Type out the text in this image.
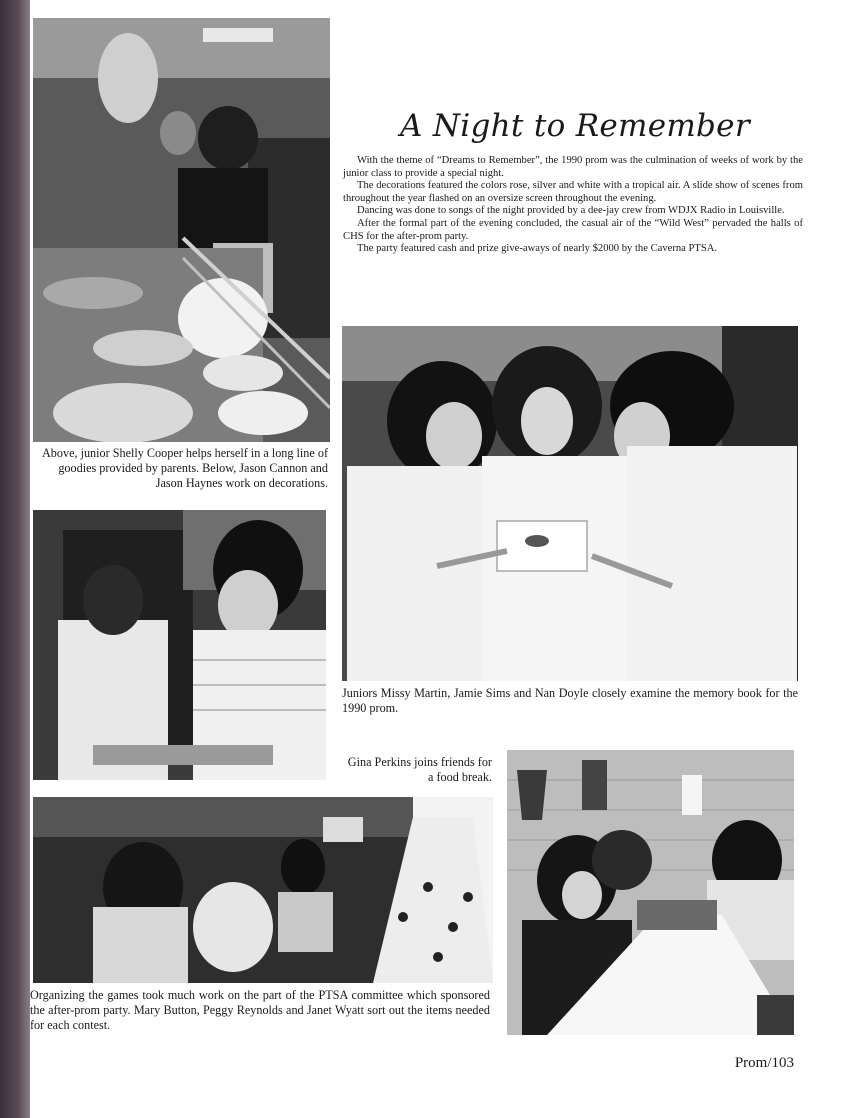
Above, junior Shelly Cooper helps herself in a long line of goodies provided by parents. Below, Jason Cannon and Jason Haynes work on decorations.
Organizing the games took much work on the part of the PTSA committee which sponsored the after-prom party. Mary Button, Peggy Reynolds and Janet Wyatt sort out the items needed for each contest.
A Night to Remember

With the theme of “Dreams to Remember”, the 1990 prom was the culmination of weeks of work by the junior class to provide a special night.

The decorations featured the colors rose, silver and white with a tropical air. A slide show of scenes from throughout the year flashed on an oversize screen throughout the evening.

Dancing was done to songs of the night provided by a dee-jay crew from WDJX Radio in Louisville.

After the formal part of the evening concluded, the casual air of the “Wild West” pervaded the halls of CHS for the after-prom party.

The party featured cash and prize give-aways of nearly $2000 by the Caverna PTSA.

Juniors Missy Martin, Jamie Sims and Nan Doyle closely examine the memory book for the 1990 prom.
Gina Perkins joins friends for a food break.
Prom/103
